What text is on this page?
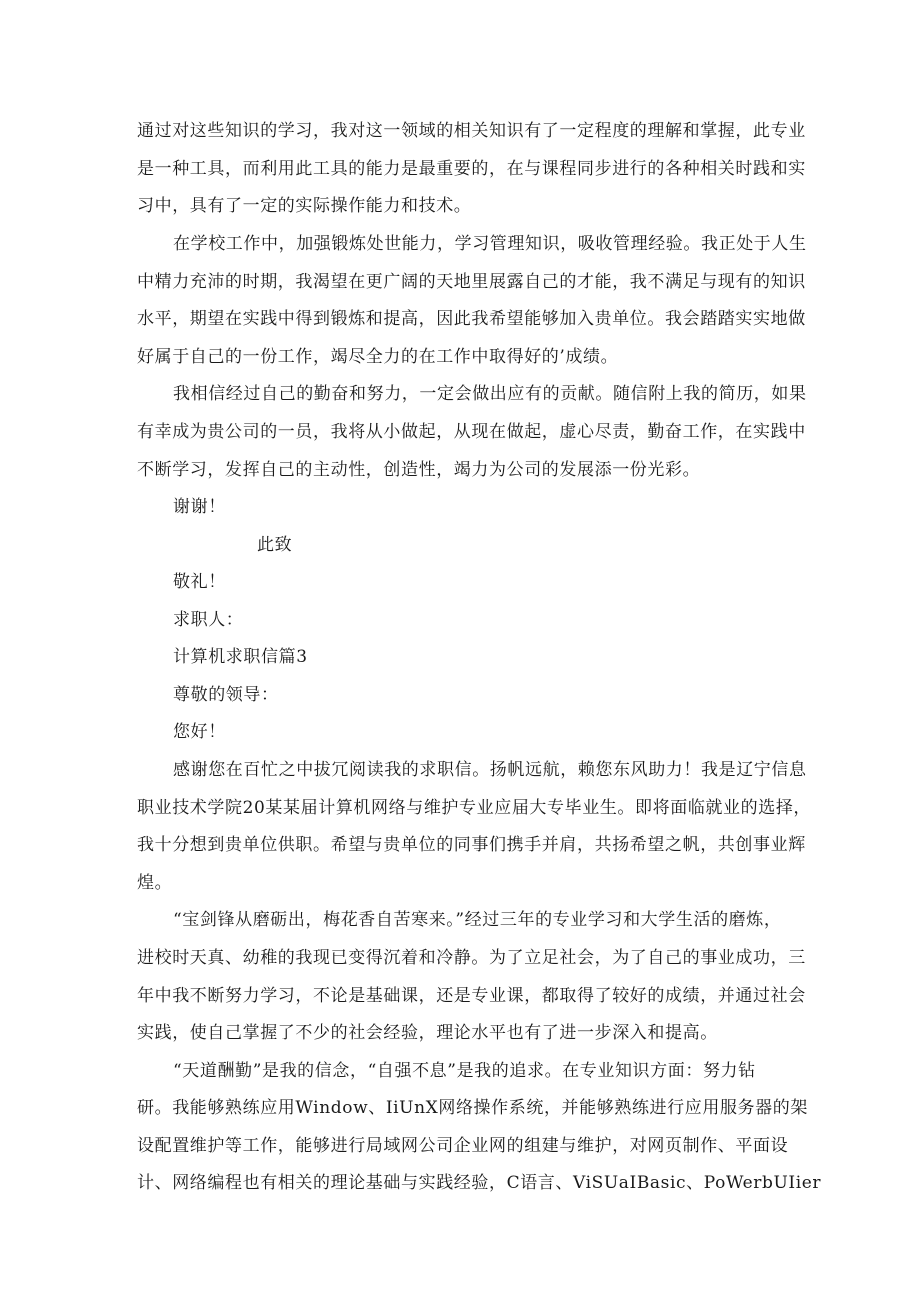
通过对这些知识的学习，我对这一领域的相关知识有了一定程度的理解和掌握，此专业
是一种工具，而利用此工具的能力是最重要的，在与课程同步进行的各种相关时践和实
习中，具有了一定的实际操作能力和技术。
在学校工作中，加强锻炼处世能力，学习管理知识，吸收管理经验。我正处于人生
中精力充沛的时期，我渴望在更广阔的天地里展露自己的才能，我不满足与现有的知识
水平，期望在实践中得到锻炼和提高，因此我希望能够加入贵单位。我会踏踏实实地做
好属于自己的一份工作，竭尽全力的在工作中取得好的’成绩。
我相信经过自己的勤奋和努力，一定会做出应有的贡献。随信附上我的简历，如果
有幸成为贵公司的一员，我将从小做起，从现在做起，虚心尽责，勤奋工作，在实践中
不断学习，发挥自己的主动性，创造性，竭力为公司的发展添一份光彩。
谢谢！
此致
敬礼！
求职人：
计算机求职信篇3
尊敬的领导：
您好！
感谢您在百忙之中拔冗阅读我的求职信。扬帆远航，赖您东风助力！我是辽宁信息
职业技术学院20某某届计算机网络与维护专业应届大专毕业生。即将面临就业的选择，
我十分想到贵单位供职。希望与贵单位的同事们携手并肩，共扬希望之帆，共创事业辉
煌。
“宝剑锋从磨砺出，梅花香自苦寒来。”经过三年的专业学习和大学生活的磨炼，
进校时天真、幼稚的我现已变得沉着和冷静。为了立足社会，为了自己的事业成功，三
年中我不断努力学习，不论是基础课，还是专业课，都取得了较好的成绩，并通过社会
实践，使自己掌握了不少的社会经验，理论水平也有了进一步深入和提高。
“天道酬勤”是我的信念，“自强不息”是我的追求。在专业知识方面：努力钻
研。我能够熟练应用Window、IiUnX网络操作系统，并能够熟练进行应用服务器的架
设配置维护等工作，能够进行局域网公司企业网的组建与维护，对网页制作、平面设
计、网络编程也有相关的理论基础与实践经验，C语言、ViSUaIBasic、PoWerbUIier
